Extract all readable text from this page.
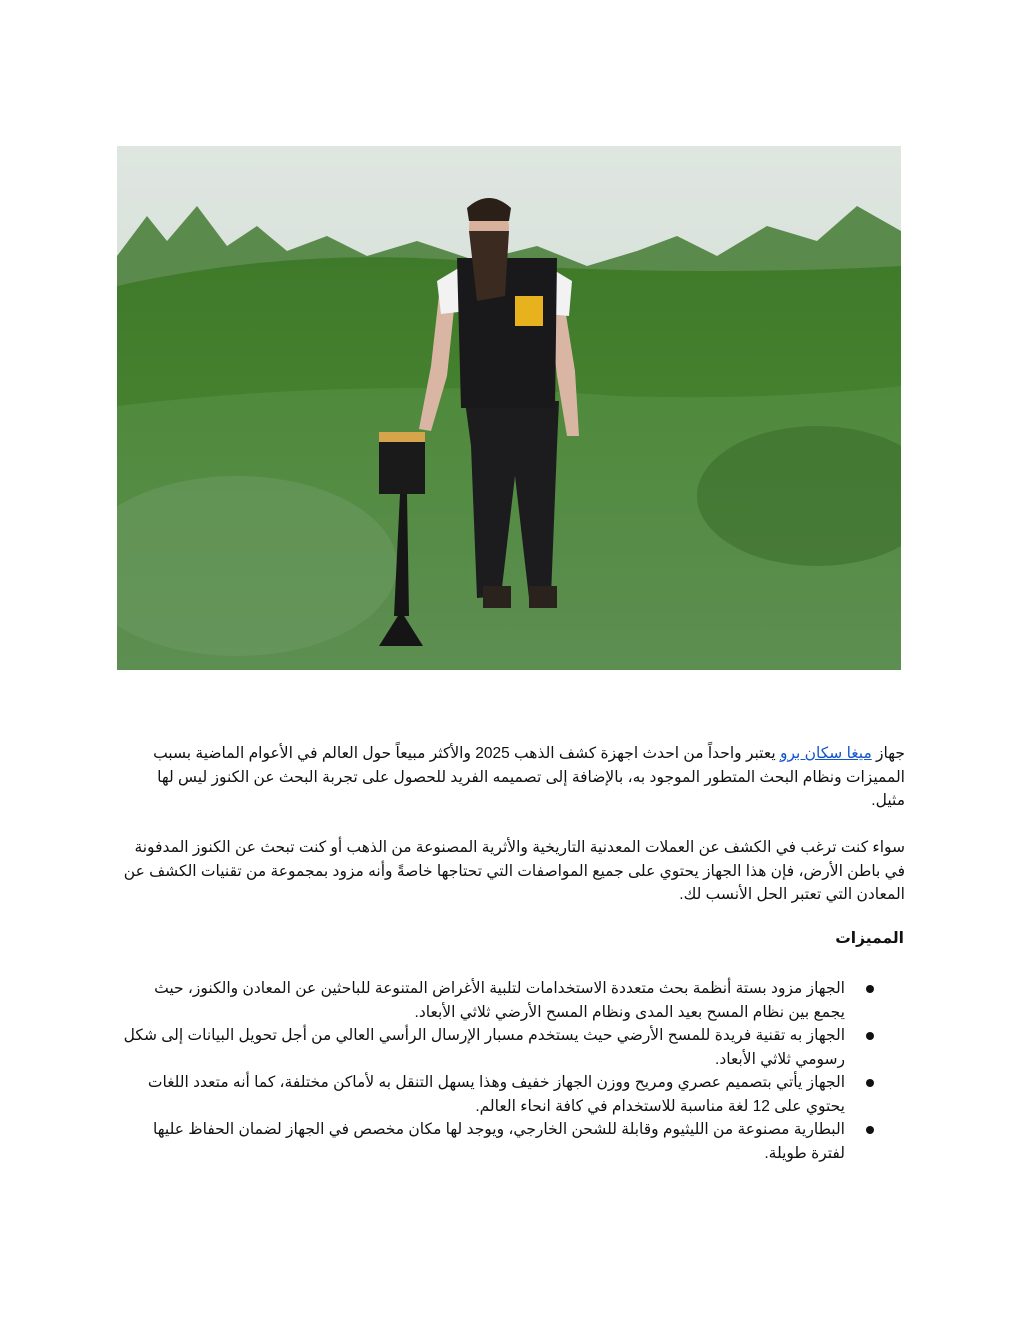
جهاز ميغا سكان برو يعتبر واحداً من احدث اجهزة كشف الذهب 2025 والأكثر مبيعاً حول العالم في الأعوام الماضية بسبب المميزات ونظام البحث المتطور الموجود به، بالإضافة إلى تصميمه الفريد للحصول على تجربة البحث عن الكنوز ليس لها مثيل.

سواء كنت ترغب في الكشف عن العملات المعدنية التاريخية والأثرية المصنوعة من الذهب أو كنت تبحث عن الكنوز المدفونة في باطن الأرض، فإن هذا الجهاز يحتوي على جميع المواصفات التي تحتاجها خاصةً وأنه مزود بمجموعة من تقنيات الكشف عن المعادن التي تعتبر الحل الأنسب لك.

المميزات
الجهاز مزود بستة أنظمة بحث متعددة الاستخدامات لتلبية الأغراض المتنوعة للباحثين عن المعادن والكنوز، حيث يجمع بين نظام المسح بعيد المدى ونظام المسح الأرضي ثلاثي الأبعاد.
الجهاز به تقنية فريدة للمسح الأرضي حيث يستخدم مسبار الإرسال الرأسي العالي من أجل تحويل البيانات إلى شكل رسومي ثلاثي الأبعاد.
الجهاز يأتي بتصميم عصري ومريح ووزن الجهاز خفيف وهذا يسهل التنقل به لأماكن مختلفة، كما أنه متعدد اللغات يحتوي على 12 لغة مناسبة للاستخدام في كافة انحاء العالم.
البطارية مصنوعة من الليثيوم وقابلة للشحن الخارجي، ويوجد لها مكان مخصص في الجهاز لضمان الحفاظ عليها لفترة طويلة.
